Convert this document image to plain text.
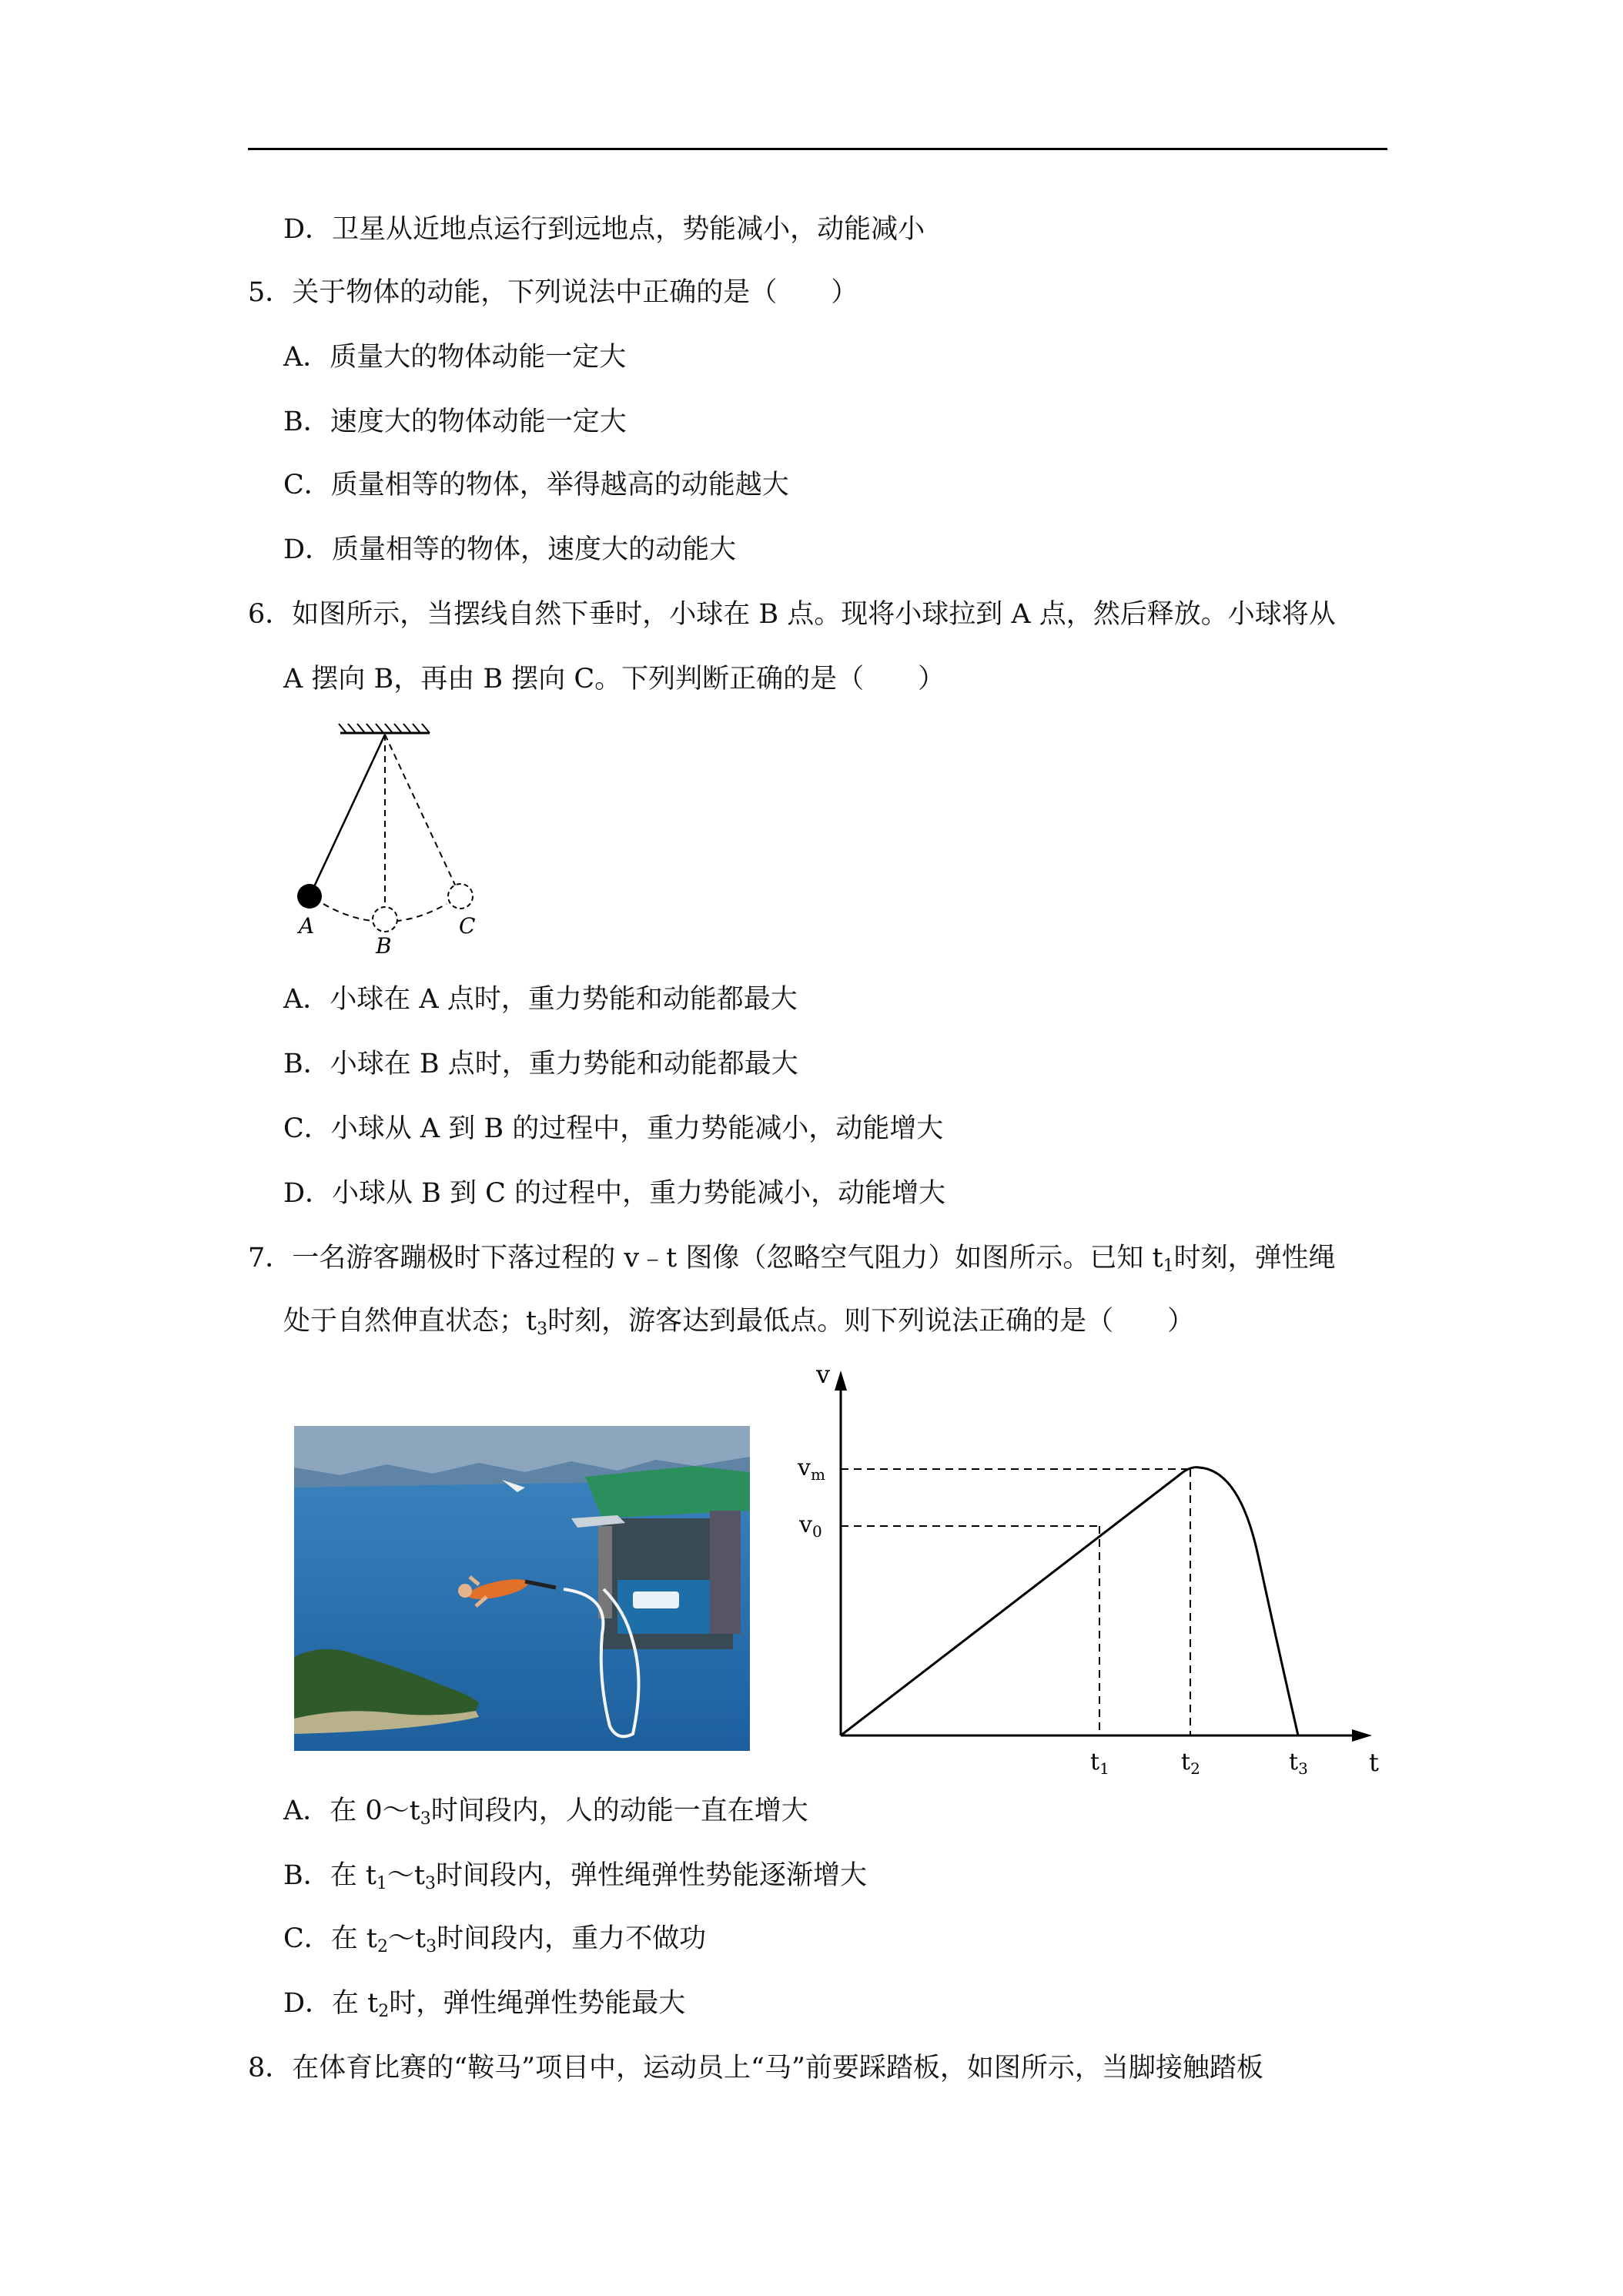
D．卫星从近地点运行到远地点，势能减小，动能减小
5．关于物体的动能，下列说法中正确的是（　　）
A．质量大的物体动能一定大
B．速度大的物体动能一定大
C．质量相等的物体，举得越高的动能越大
D．质量相等的物体，速度大的动能大
6．如图所示，当摆线自然下垂时，小球在 B 点。现将小球拉到 A 点，然后释放。小球将从
A 摆向 B，再由 B 摆向 C。下列判断正确的是（　　）
A
B
C
A．小球在 A 点时，重力势能和动能都最大
B．小球在 B 点时，重力势能和动能都最大
C．小球从 A 到 B 的过程中，重力势能减小，动能增大
D．小球从 B 到 C 的过程中，重力势能减小，动能增大
7．一名游客蹦极时下落过程的 v﹣t 图像（忽略空气阻力）如图所示。已知 $t_1$时刻，弹性绳
处于自然伸直状态；$t_3$时刻，游客达到最低点。则下列说法正确的是（　　）
v
t
$v_m$
$v_0$
$t_1$	$t_2$	$t_3$
A．在 $0\sim t_3$时间段内，人的动能一直在增大
B．在 $t_1\sim t_3$时间段内，弹性绳弹性势能逐渐增大
C．在 $t_2\sim t_3$时间段内，重力不做功
D．在 $t_2$时，弹性绳弹性势能最大
8．在体育比赛的“鞍马”项目中，运动员上“马”前要踩踏板，如图所示，当脚接触踏板
